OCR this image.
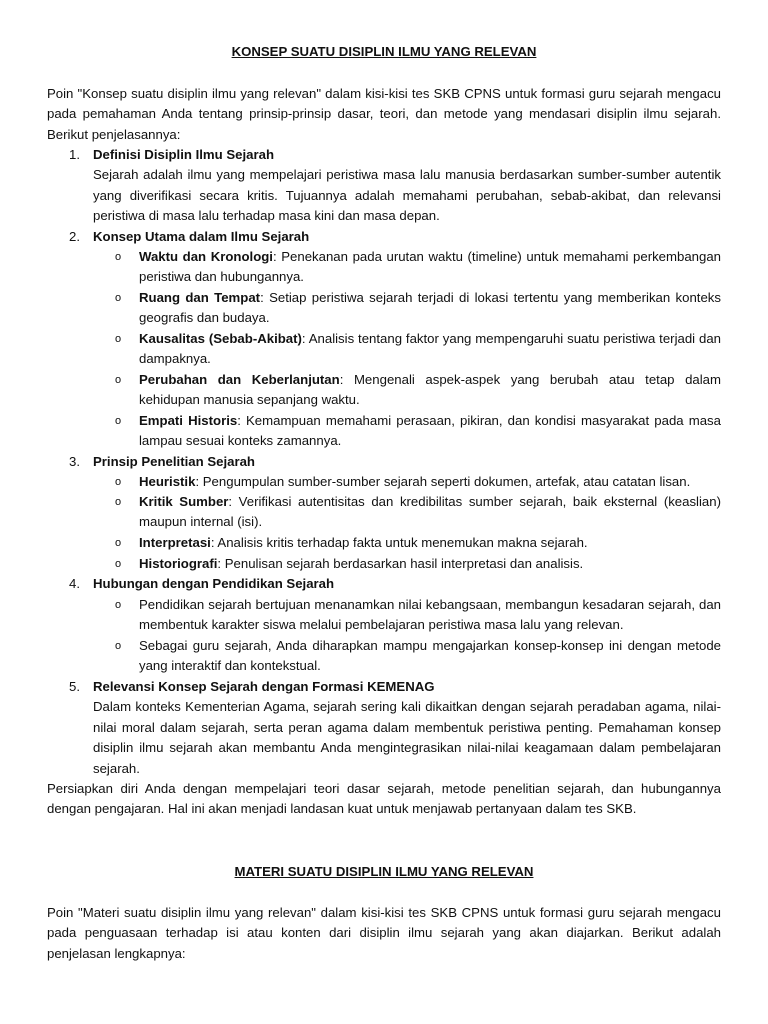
KONSEP SUATU DISIPLIN ILMU YANG RELEVAN

Poin "Konsep suatu disiplin ilmu yang relevan" dalam kisi-kisi tes SKB CPNS untuk formasi guru sejarah mengacu pada pemahaman Anda tentang prinsip-prinsip dasar, teori, dan metode yang mendasari disiplin ilmu sejarah. Berikut penjelasannya:

1. Definisi Disiplin Ilmu Sejarah
Sejarah adalah ilmu yang mempelajari peristiwa masa lalu manusia berdasarkan sumber-sumber autentik yang diverifikasi secara kritis. Tujuannya adalah memahami perubahan, sebab-akibat, dan relevansi peristiwa di masa lalu terhadap masa kini dan masa depan.
2. Konsep Utama dalam Ilmu Sejarah
o Waktu dan Kronologi: Penekanan pada urutan waktu (timeline) untuk memahami perkembangan peristiwa dan hubungannya.
o Ruang dan Tempat: Setiap peristiwa sejarah terjadi di lokasi tertentu yang memberikan konteks geografis dan budaya.
o Kausalitas (Sebab-Akibat): Analisis tentang faktor yang mempengaruhi suatu peristiwa terjadi dan dampaknya.
o Perubahan dan Keberlanjutan: Mengenali aspek-aspek yang berubah atau tetap dalam kehidupan manusia sepanjang waktu.
o Empati Historis: Kemampuan memahami perasaan, pikiran, dan kondisi masyarakat pada masa lampau sesuai konteks zamannya.
3. Prinsip Penelitian Sejarah
o Heuristik: Pengumpulan sumber-sumber sejarah seperti dokumen, artefak, atau catatan lisan.
o Kritik Sumber: Verifikasi autentisitas dan kredibilitas sumber sejarah, baik eksternal (keaslian) maupun internal (isi).
o Interpretasi: Analisis kritis terhadap fakta untuk menemukan makna sejarah.
o Historiografi: Penulisan sejarah berdasarkan hasil interpretasi dan analisis.
4. Hubungan dengan Pendidikan Sejarah
o Pendidikan sejarah bertujuan menanamkan nilai kebangsaan, membangun kesadaran sejarah, dan membentuk karakter siswa melalui pembelajaran peristiwa masa lalu yang relevan.
o Sebagai guru sejarah, Anda diharapkan mampu mengajarkan konsep-konsep ini dengan metode yang interaktif dan kontekstual.
5. Relevansi Konsep Sejarah dengan Formasi KEMENAG
Dalam konteks Kementerian Agama, sejarah sering kali dikaitkan dengan sejarah peradaban agama, nilai-nilai moral dalam sejarah, serta peran agama dalam membentuk peristiwa penting. Pemahaman konsep disiplin ilmu sejarah akan membantu Anda mengintegrasikan nilai-nilai keagamaan dalam pembelajaran sejarah.

Persiapkan diri Anda dengan mempelajari teori dasar sejarah, metode penelitian sejarah, dan hubungannya dengan pengajaran. Hal ini akan menjadi landasan kuat untuk menjawab pertanyaan dalam tes SKB.

MATERI SUATU DISIPLIN ILMU YANG RELEVAN

Poin "Materi suatu disiplin ilmu yang relevan" dalam kisi-kisi tes SKB CPNS untuk formasi guru sejarah mengacu pada penguasaan terhadap isi atau konten dari disiplin ilmu sejarah yang akan diajarkan. Berikut adalah penjelasan lengkapnya:
